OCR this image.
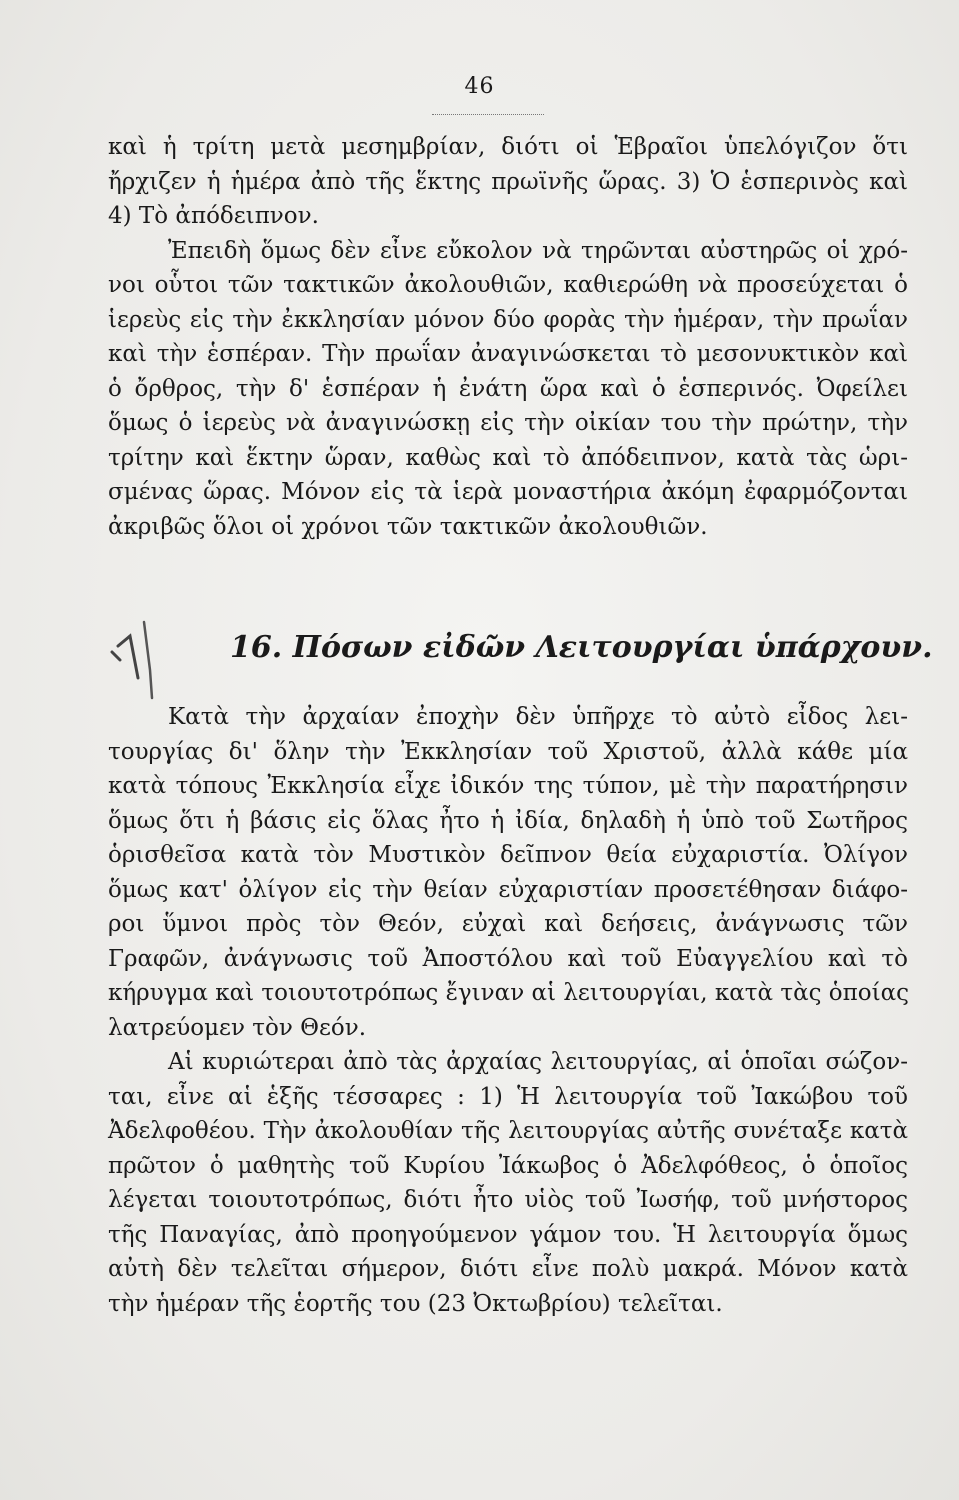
46
καὶ ἡ τρίτη μετὰ μεσημβρίαν, διότι οἱ Ἑβραῖοι ὑπελόγιζον ὅτι
ἤρχιζεν ἡ ἡμέρα ἀπὸ τῆς ἕκτης πρωϊνῆς ὥρας. 3) Ὁ ἑσπερινὸς καὶ
4) Τὸ ἀπόδειπνον.
Ἐπειδὴ ὅμως δὲν εἶνε εὔκολον νὰ τηρῶνται αὐστηρῶς οἱ χρό-
νοι οὗτοι τῶν τακτικῶν ἀκολουθιῶν, καθιερώθη νὰ προσεύχεται ὁ
ἱερεὺς εἰς τὴν ἐκκλησίαν μόνον δύο φορὰς τὴν ἡμέραν, τὴν πρωΐαν
καὶ τὴν ἑσπέραν. Τὴν πρωΐαν ἀναγινώσκεται τὸ μεσονυκτικὸν καὶ
ὁ ὄρθρος, τὴν δ' ἑσπέραν ἡ ἐνάτη ὥρα καὶ ὁ ἑσπερινός. Ὀφείλει
ὅμως ὁ ἱερεὺς νὰ ἀναγινώσκῃ εἰς τὴν οἰκίαν του τὴν πρώτην, τὴν
τρίτην καὶ ἕκτην ὥραν, καθὼς καὶ τὸ ἀπόδειπνον, κατὰ τὰς ὡρι-
σμένας ὥρας. Μόνον εἰς τὰ ἱερὰ μοναστήρια ἀκόμη ἐφαρμόζονται
ἀκριβῶς ὅλοι οἱ χρόνοι τῶν τακτικῶν ἀκολουθιῶν.
16. Πόσων εἰδῶν Λειτουργίαι ὑπάρχουν.
Κατὰ τὴν ἀρχαίαν ἐποχὴν δὲν ὑπῆρχε τὸ αὐτὸ εἶδος λει-
τουργίας δι' ὅλην τὴν Ἐκκλησίαν τοῦ Χριστοῦ, ἀλλὰ κάθε μία
κατὰ τόπους Ἐκκλησία εἶχε ἰδικόν της τύπον, μὲ τὴν παρατήρησιν
ὅμως ὅτι ἡ βάσις εἰς ὅλας ἦτο ἡ ἰδία, δηλαδὴ ἡ ὑπὸ τοῦ Σωτῆρος
ὁρισθεῖσα κατὰ τὸν Μυστικὸν δεῖπνον θεία εὐχαριστία. Ὀλίγον
ὅμως κατ' ὀλίγον εἰς τὴν θείαν εὐχαριστίαν προσετέθησαν διάφο-
ροι ὕμνοι πρὸς τὸν Θεόν, εὐχαὶ καὶ δεήσεις, ἀνάγνωσις τῶν
Γραφῶν, ἀνάγνωσις τοῦ Ἀποστόλου καὶ τοῦ Εὐαγγελίου καὶ τὸ
κήρυγμα καὶ τοιουτοτρόπως ἔγιναν αἱ λειτουργίαι, κατὰ τὰς ὁποίας
λατρεύομεν τὸν Θεόν.
Αἱ κυριώτεραι ἀπὸ τὰς ἀρχαίας λειτουργίας, αἱ ὁποῖαι σώζον-
ται, εἶνε αἱ ἑξῆς τέσσαρες : 1) Ἡ λειτουργία τοῦ Ἰακώβου τοῦ
Ἀδελφοθέου. Τὴν ἀκολουθίαν τῆς λειτουργίας αὐτῆς συνέταξε κατὰ
πρῶτον ὁ μαθητὴς τοῦ Κυρίου Ἰάκωβος ὁ Ἀδελφόθεος, ὁ ὁποῖος
λέγεται τοιουτοτρόπως, διότι ἦτο υἱὸς τοῦ Ἰωσήφ, τοῦ μνήστορος
τῆς Παναγίας, ἀπὸ προηγούμενον γάμον του. Ἡ λειτουργία ὅμως
αὐτὴ δὲν τελεῖται σήμερον, διότι εἶνε πολὺ μακρά. Μόνον κατὰ
τὴν ἡμέραν τῆς ἑορτῆς του (23 Ὀκτωβρίου) τελεῖται.
